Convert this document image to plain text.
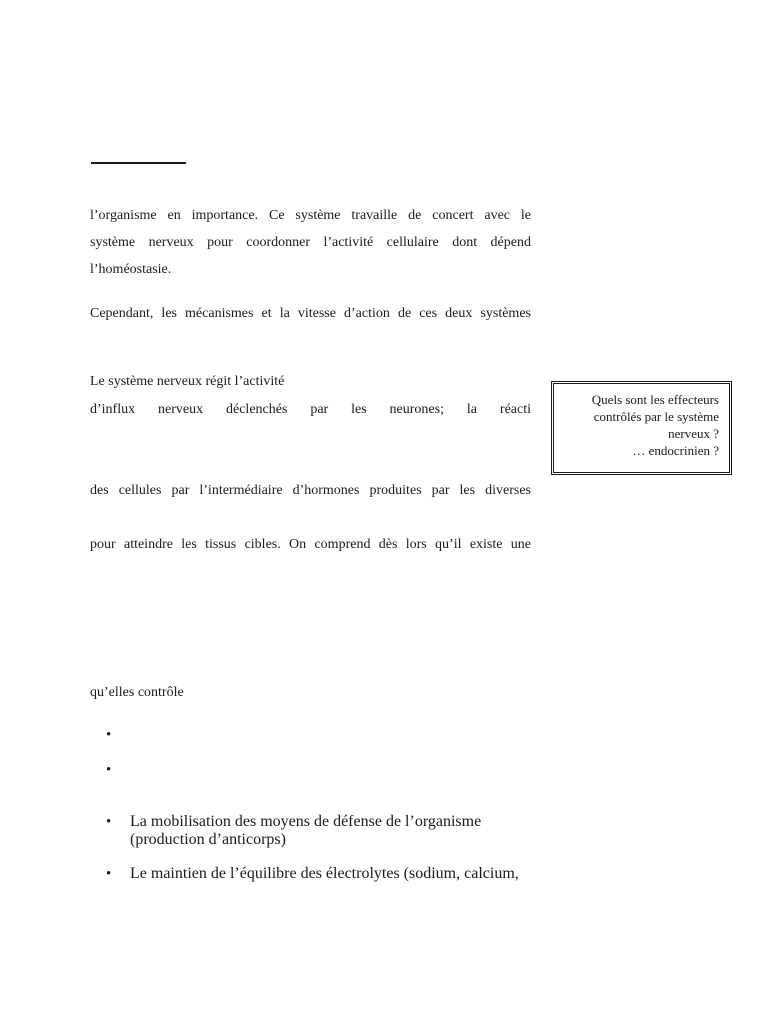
l’organisme en importance. Ce système travaille de concert avec le
système nerveux pour coordonner l’activité cellulaire dont dépend
l’homéostasie.
Cependant, les mécanismes et la vitesse d’action de ces deux systèmes
Le système nerveux régit l’activité
d’influx nerveux déclenchés par les neurones; la réacti
des cellules par l’intermédiaire d’hormones produites par les diverses
pour atteindre les tissus cibles. On comprend dès lors qu’il existe une
qu’elles contrôle
•
•
• La mobilisation des moyens de défense de l’organisme
(production d’anticorps)
• Le maintien de l’équilibre des électrolytes (sodium, calcium,
Quels sont les effecteurs
contrôlés par le système
nerveux ?
… endocrinien ?
